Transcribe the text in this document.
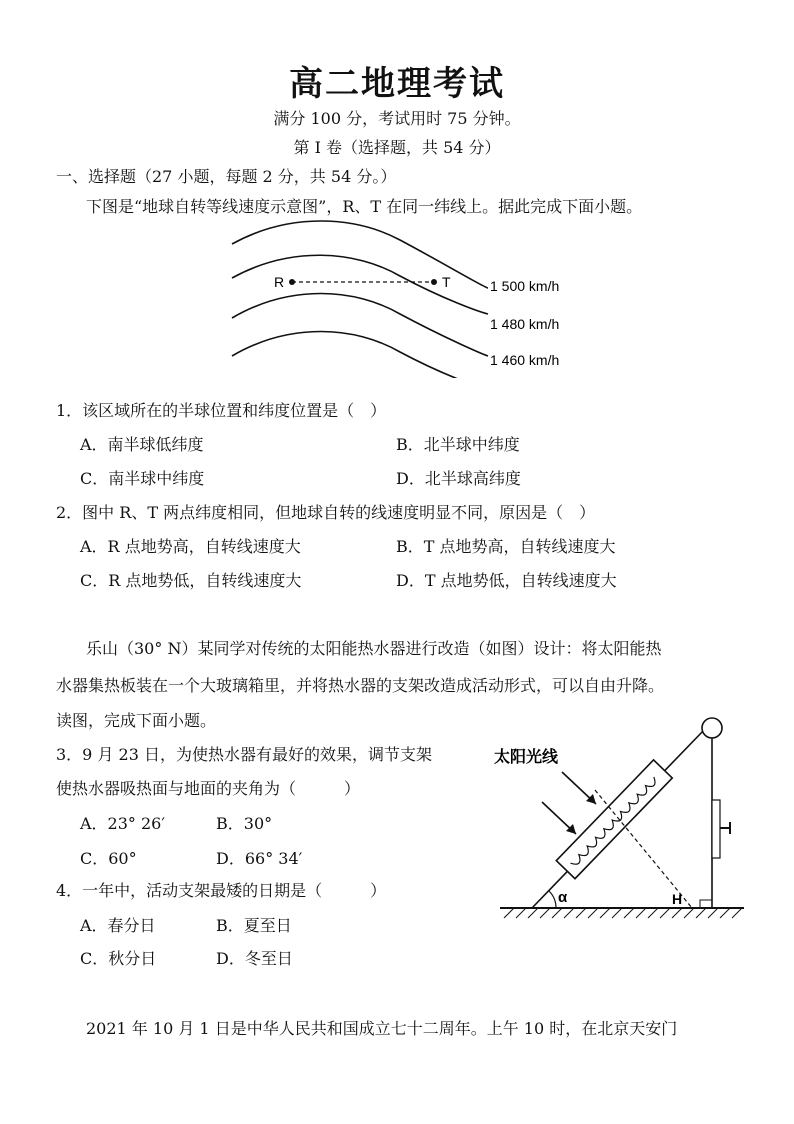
高二地理考试
满分 100 分，考试用时 75 分钟。
第 I 卷（选择题，共 54 分）
一、选择题（27 小题，每题 2 分，共 54 分。）
下图是“地球自转等线速度示意图”，R、T 在同一纬线上。据此完成下面小题。
R	T	1 500 km/h
1 480 km/h
1 460 km/h
1．该区域所在的半球位置和纬度位置是（　）
A．南半球低纬度	B．北半球中纬度
C．南半球中纬度	D．北半球高纬度
2．图中 R、T 两点纬度相同，但地球自转的线速度明显不同，原因是（　）
A．R 点地势高，自转线速度大	B．T 点地势高，自转线速度大
C．R 点地势低，自转线速度大	D．T 点地势低，自转线速度大
乐山（30° N）某同学对传统的太阳能热水器进行改造（如图）设计：将太阳能热
水器集热板装在一个大玻璃箱里，并将热水器的支架改造成活动形式，可以自由升降。
读图，完成下面小题。
3．9 月 23 日，为使热水器有最好的效果，调节支架
使热水器吸热面与地面的夹角为（　　　）
A．23° 26′	B．30°
C．60°	D．66° 34′
4．一年中，活动支架最矮的日期是（　　　）
A．春分日	B．夏至日
C．秋分日	D．冬至日
太阳光线
α	H
2021 年 10 月 1 日是中华人民共和国成立七十二周年。上午 10 时，在北京天安门
